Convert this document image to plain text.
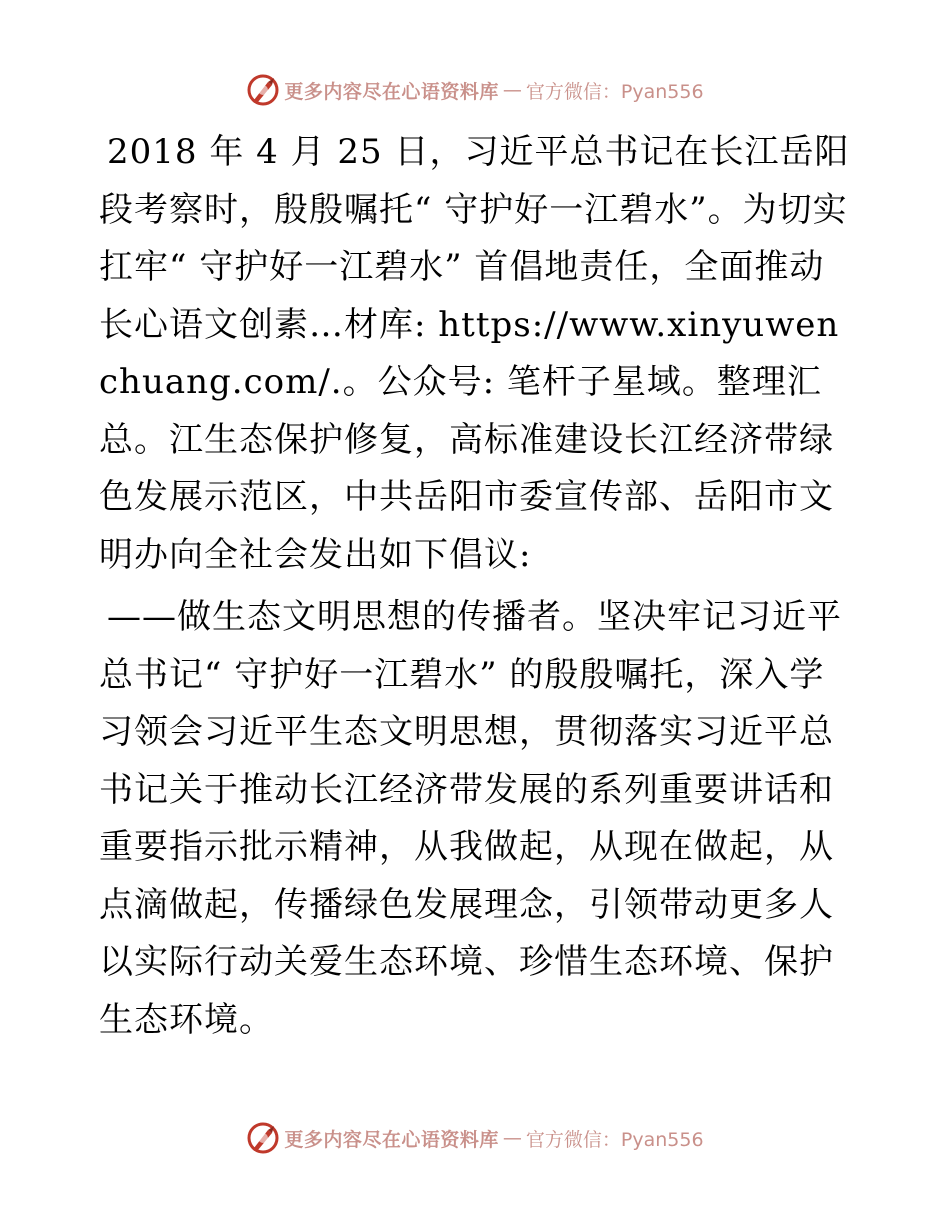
更多内容尽在心语资料库 — 官方微信：Pyan556

2018 年 4 月 25 日，习近平总书记在长江岳阳段考察时，殷殷嘱托“ 守护好一江碧水”。为切实扛牢“ 守护好一江碧水” 首倡地责任，全面推动长心语文创素…材库: https://www.xinyuwenchuang.com/.。公众号: 笔杆子星域。整理汇总。江生态保护修复，高标准建设长江经济带绿色发展示范区，中共岳阳市委宣传部、岳阳市文明办向全社会发出如下倡议:

——做生态文明思想的传播者。坚决牢记习近平总书记“ 守护好一江碧水” 的殷殷嘱托，深入学习领会习近平生态文明思想，贯彻落实习近平总书记关于推动长江经济带发展的系列重要讲话和重要指示批示精神，从我做起，从现在做起，从点滴做起，传播绿色发展理念，引领带动更多人以实际行动关爱生态环境、珍惜生态环境、保护生态环境。

更多内容尽在心语资料库 — 官方微信：Pyan556
